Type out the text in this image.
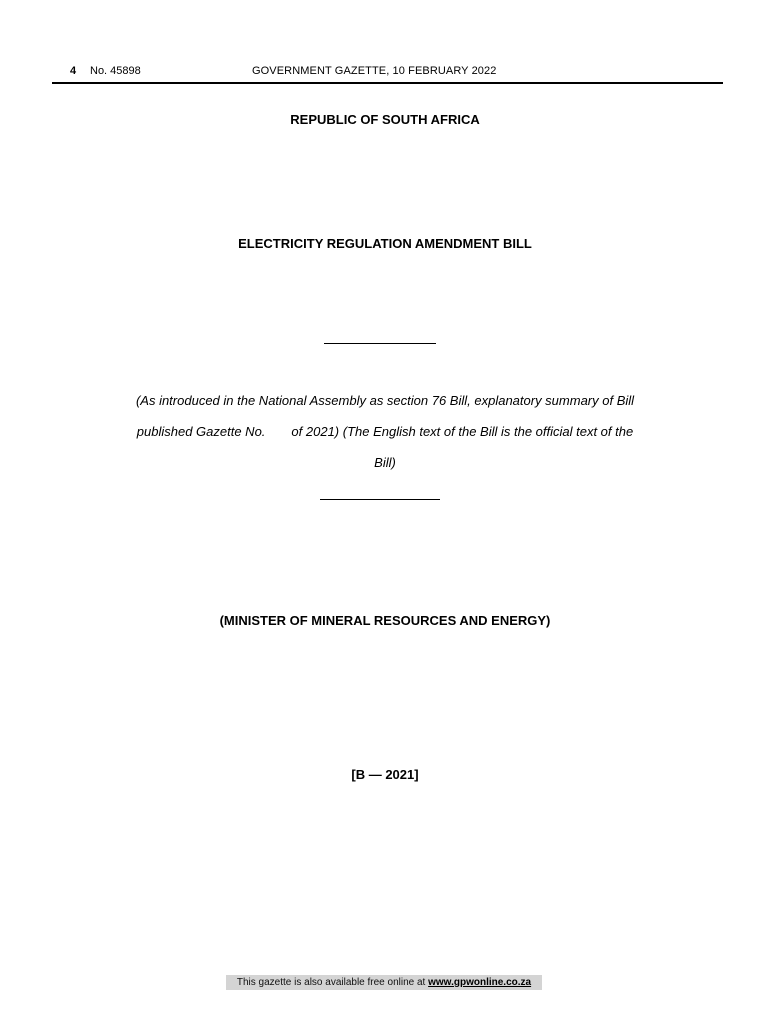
4 No. 45898	GOVERNMENT GAZETTE, 10 FEBRUARY 2022
REPUBLIC OF SOUTH AFRICA
ELECTRICITY REGULATION AMENDMENT BILL
(As introduced in the National Assembly as section 76 Bill, explanatory summary of Bill
published Gazette No. of 2021) (The English text of the Bill is the official text of the
Bill)
(MINISTER OF MINERAL RESOURCES AND ENERGY)
[B — 2021]
This gazette is also available free online at www.gpwonline.co.za
